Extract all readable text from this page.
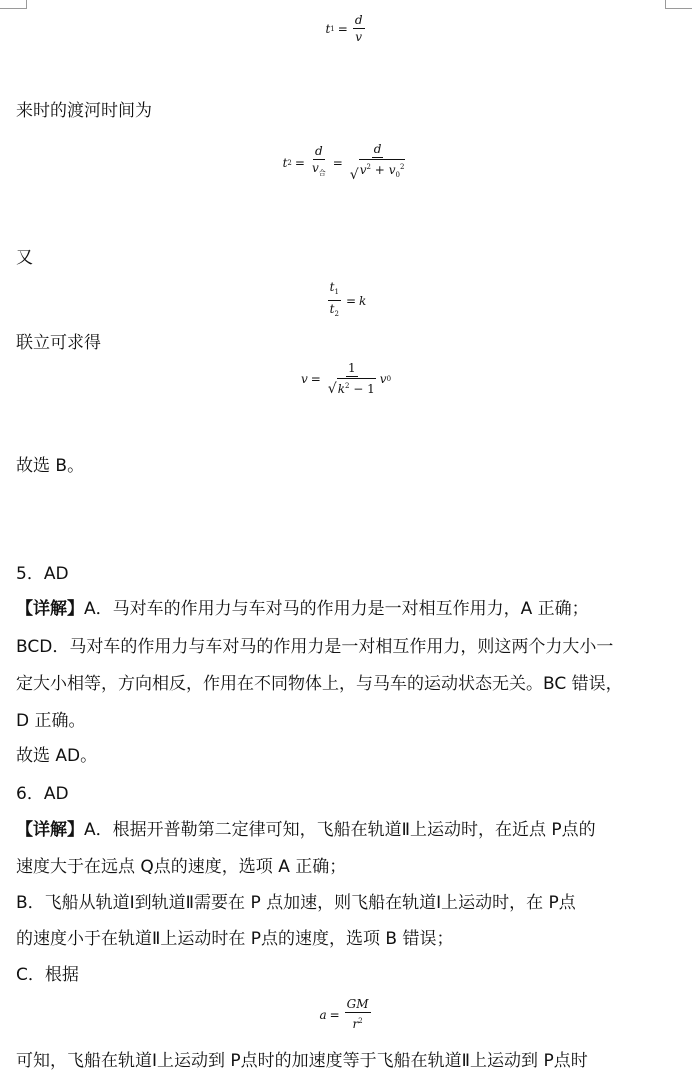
t $1 = \frac{d}{v}$
来时的渡河时间为
t $2 = \frac{d}{v_合} = \frac{d}{√ v^2 + v_0^2}$
又
$\frac{t_1}{t_2} = k$
联立可求得
$v = \frac{1}{√ k^2 - 1}$ v 0
故选 B。
5．AD
【详解】A．马对车的作用力与车对马的作用力是一对相互作用力，A 正确；
BCD．马对车的作用力与车对马的作用力是一对相互作用力，则这两个力大小一
定大小相等，方向相反，作用在不同物体上，与马车的运动状态无关。BC 错误，
D 正确。
故选 AD。
6．AD
【详解】A．根据开普勒第二定律可知，飞船在轨道Ⅱ上运动时，在近点 P点的
速度大于在远点 Q点的速度，选项 A 正确；
B．飞船从轨道Ⅰ到轨道Ⅱ需要在 P 点加速，则飞船在轨道Ⅰ上运动时，在 P点
的速度小于在轨道Ⅱ上运动时在 P点的速度，选项 B 错误；
C．根据
$a = \frac{GM}{r^2}$
可知，飞船在轨道Ⅰ上运动到 P点时的加速度等于飞船在轨道Ⅱ上运动到 P点时
